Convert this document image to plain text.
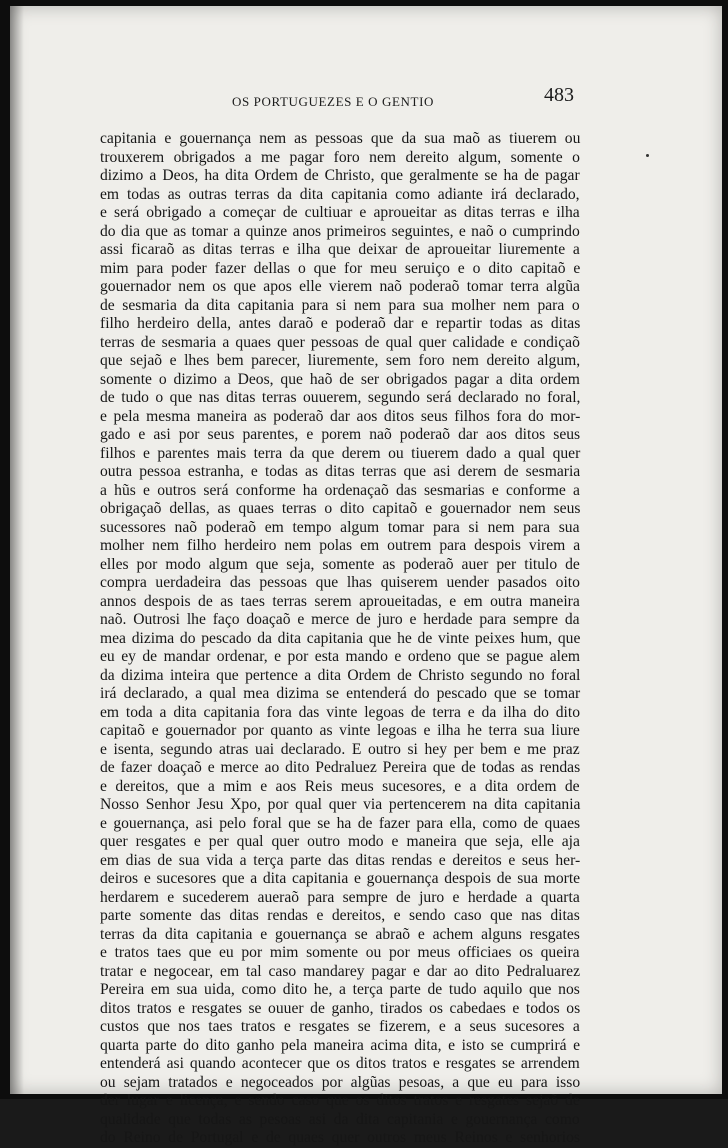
OS PORTUGUEZES E O GENTIO	483
capitania e gouernança nem as pessoas que da sua maõ as tiuerem ou
trouxerem obrigados a me pagar foro nem dereito algum, somente o
dizimo a Deos, ha dita Ordem de Christo, que geralmente se ha de pagar
em todas as outras terras da dita capitania como adiante irá declarado,
e será obrigado a começar de cultiuar e aproueitar as ditas terras e ilha
do dia que as tomar a quinze anos primeiros seguintes, e naõ o cumprindo
assi ficaraõ as ditas terras e ilha que deixar de aproueitar liuremente a
mim para poder fazer dellas o que for meu seruiço e o dito capitaõ e
gouernador nem os que apos elle vierem naõ poderaõ tomar terra algũa
de sesmaria da dita capitania para si nem para sua molher nem para o
filho herdeiro della, antes daraõ e poderaõ dar e repartir todas as ditas
terras de sesmaria a quaes quer pessoas de qual quer calidade e condiçaõ
que sejaõ e lhes bem parecer, liuremente, sem foro nem dereito algum,
somente o dizimo a Deos, que haõ de ser obrigados pagar a dita ordem
de tudo o que nas ditas terras ouuerem, segundo será declarado no foral,
e pela mesma maneira as poderaõ dar aos ditos seus filhos fora do mor-
gado e asi por seus parentes, e porem naõ poderaõ dar aos ditos seus
filhos e parentes mais terra da que derem ou tiuerem dado a qual quer
outra pessoa estranha, e todas as ditas terras que asi derem de sesmaria
a hũs e outros será conforme ha ordenaçaõ das sesmarias e conforme a
obrigaçaõ dellas, as quaes terras o dito capitaõ e gouernador nem seus
sucessores naõ poderaõ em tempo algum tomar para si nem para sua
molher nem filho herdeiro nem polas em outrem para despois virem a
elles por modo algum que seja, somente as poderaõ auer per titulo de
compra uerdadeira das pessoas que lhas quiserem uender pasados oito
annos despois de as taes terras serem aproueitadas, e em outra maneira
naõ. Outrosi lhe faço doaçaõ e merce de juro e herdade para sempre da
mea dizima do pescado da dita capitania que he de vinte peixes hum, que
eu ey de mandar ordenar, e por esta mando e ordeno que se pague alem
da dizima inteira que pertence a dita Ordem de Christo segundo no foral
irá declarado, a qual mea dizima se entenderá do pescado que se tomar
em toda a dita capitania fora das vinte legoas de terra e da ilha do dito
capitaõ e gouernador por quanto as vinte legoas e ilha he terra sua liure
e isenta, segundo atras uai declarado. E outro si hey per bem e me praz
de fazer doaçaõ e merce ao dito Pedraluez Pereira que de todas as rendas
e dereitos, que a mim e aos Reis meus sucesores, e a dita ordem de
Nosso Senhor Jesu Xpo, por qual quer via pertencerem na dita capitania
e gouernança, asi pelo foral que se ha de fazer para ella, como de quaes
quer resgates e per qual quer outro modo e maneira que seja, elle aja
em dias de sua vida a terça parte das ditas rendas e dereitos e seus her-
deiros e sucesores que a dita capitania e gouernança despois de sua morte
herdarem e sucederem aueraõ para sempre de juro e herdade a quarta
parte somente das ditas rendas e dereitos, e sendo caso que nas ditas
terras da dita capitania e gouernança se abraõ e achem alguns resgates
e tratos taes que eu por mim somente ou por meus officiaes os queira
tratar e negocear, em tal caso mandarey pagar e dar ao dito Pedraluarez
Pereira em sua uida, como dito he, a terça parte de tudo aquilo que nos
ditos tratos e resgates se ouuer de ganho, tirados os cabedaes e todos os
custos que nos taes tratos e resgates se fizerem, e a seus sucesores a
quarta parte do dito ganho pela maneira acima dita, e isto se cumprirá e
entenderá asi quando acontecer que os ditos tratos e resgates se arrendem
ou sejam tratados e negoceados por algũas pesoas, a que eu para isso
der lugar e licença, e sendo caso que os ditos tratos e resgates sejaõ de
qualidade que todas as pesoas asi da dita capitania e gouernança como
do Reino de Portugal e de quaes quer outros meus Reinos e senhorios
